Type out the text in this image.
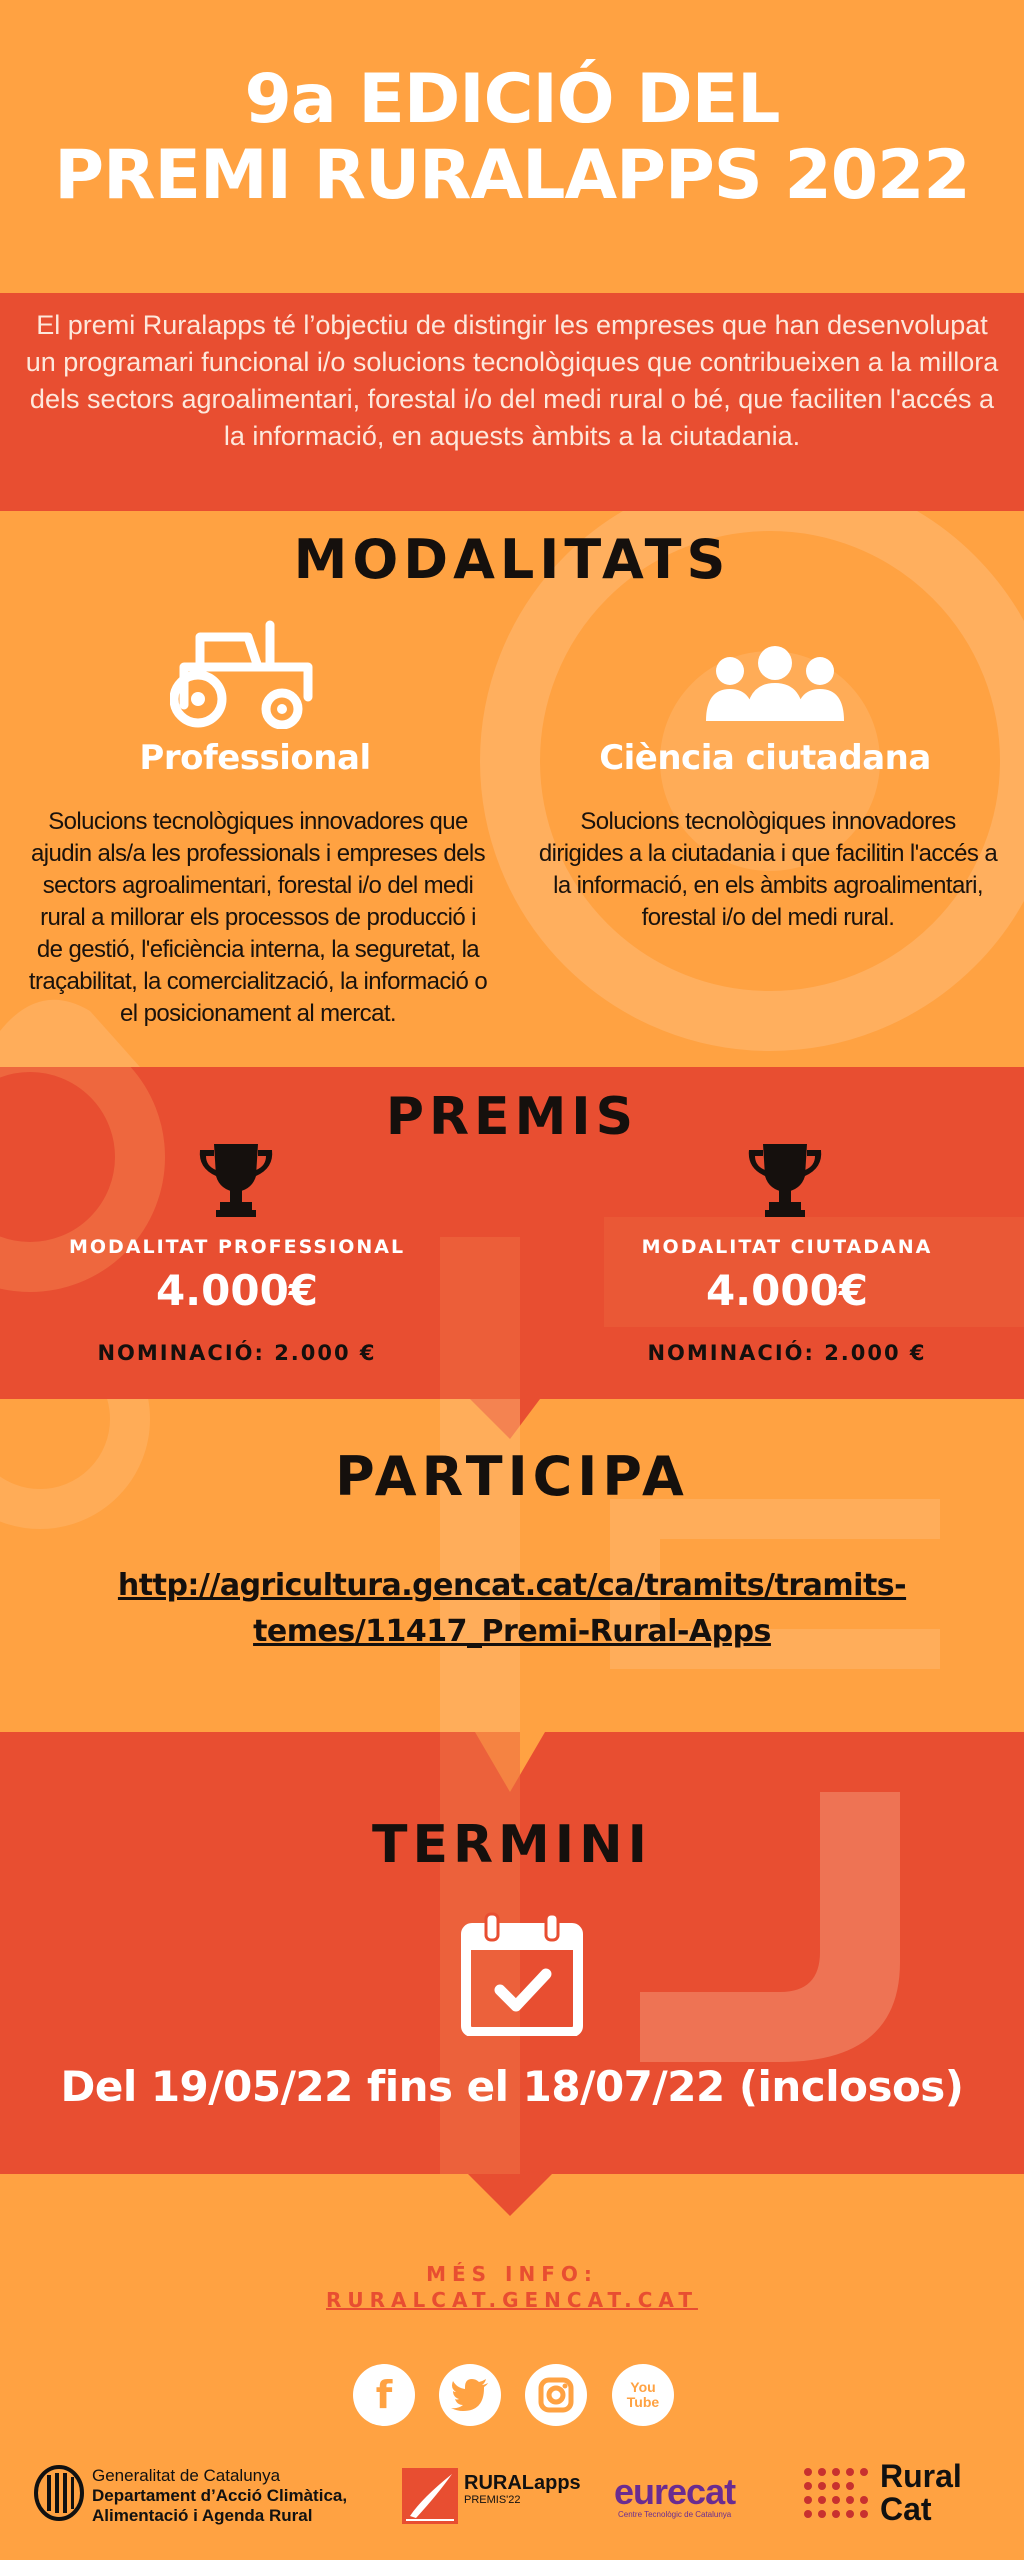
9a EDICIÓ DEL
PREMI RURALAPPS 2022
El premi Ruralapps té l’objectiu de distingir les empreses que han desenvolupat un programari funcional i/o solucions tecnològiques que contribueixen a la millora dels sectors agroalimentari, forestal i/o del medi rural o bé, que faciliten l'accés a la informació, en aquests àmbits a la ciutadania.
MODALITATS
Professional	Ciència ciutadana
Solucions tecnològiques innovadores que ajudin als/a les professionals i empreses dels sectors agroalimentari, forestal i/o del medi rural a millorar els processos de producció i de gestió, l'eficiència interna, la seguretat, la traçabilitat, la comercialització, la informació o el posicionament al mercat.
Solucions tecnològiques innovadores dirigides a la ciutadania i que facilitin l'accés a la informació, en els àmbits agroalimentari, forestal i/o del medi rural.
PREMIS
MODALITAT PROFESSIONAL	MODALITAT CIUTADANA
4.000€	4.000€
NOMINACIÓ: 2.000 €	NOMINACIÓ: 2.000 €
PARTICIPA
http://agricultura.gencat.cat/ca/tramits/tramits-
temes/11417_Premi-Rural-Apps
TERMINI
Del 19/05/22 fins el 18/07/22 (inclosos)
MÉS INFO:
RURALCAT.GENCAT.CAT
f	You Tube
Generalitat de Catalunya
Departament d’Acció Climàtica,
Alimentació i Agenda Rural
RURALapps
PREMIS'22	eurecat
Centre Tecnològic de Catalunya
Rural
Cat
